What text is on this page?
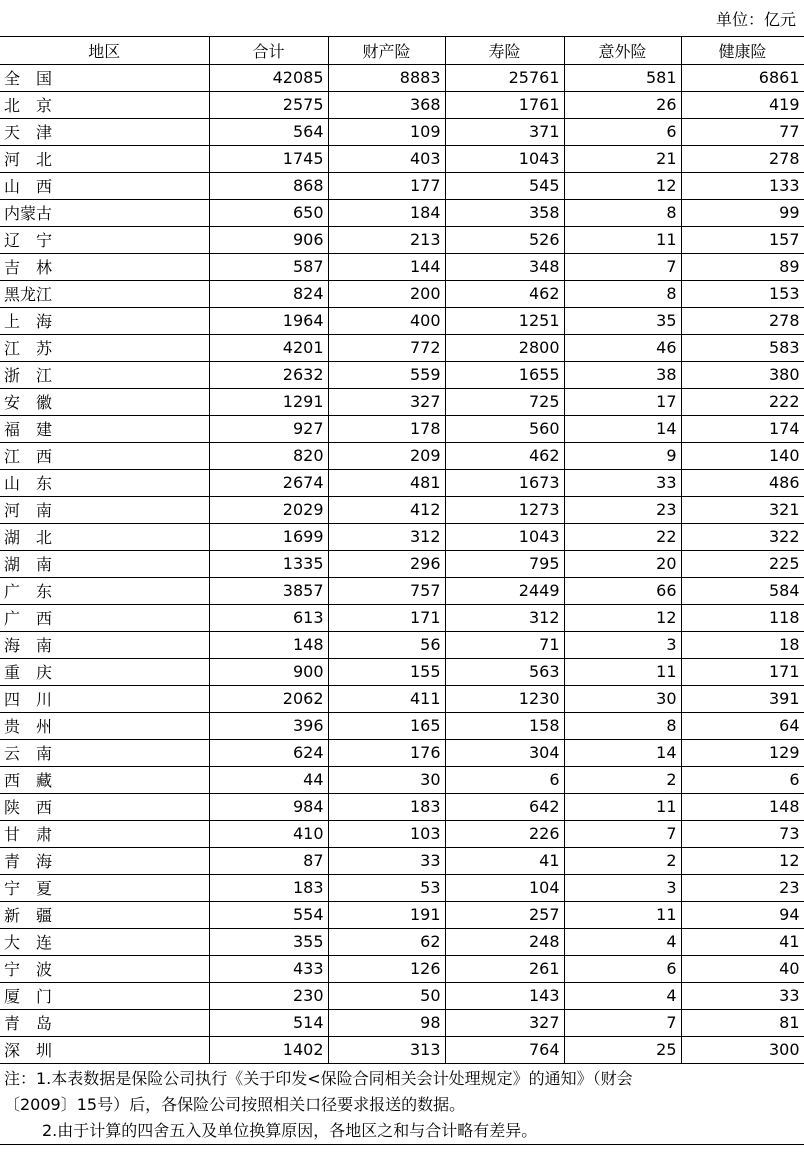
单位：亿元
地区	合计	财产险	寿险	意外险	健康险
全　国	42085	8883	25761	581	6861
北　京	2575	368	1761	26	419
天　津	564	109	371	6	77
河　北	1745	403	1043	21	278
山　西	868	177	545	12	133
内蒙古	650	184	358	8	99
辽　宁	906	213	526	11	157
吉　林	587	144	348	7	89
黑龙江	824	200	462	8	153
上　海	1964	400	1251	35	278
江　苏	4201	772	2800	46	583
浙　江	2632	559	1655	38	380
安　徽	1291	327	725	17	222
福　建	927	178	560	14	174
江　西	820	209	462	9	140
山　东	2674	481	1673	33	486
河　南	2029	412	1273	23	321
湖　北	1699	312	1043	22	322
湖　南	1335	296	795	20	225
广　东	3857	757	2449	66	584
广　西	613	171	312	12	118
海　南	148	56	71	3	18
重　庆	900	155	563	11	171
四　川	2062	411	1230	30	391
贵　州	396	165	158	8	64
云　南	624	176	304	14	129
西　藏	44	30	6	2	6
陕　西	984	183	642	11	148
甘　肃	410	103	226	7	73
青　海	87	33	41	2	12
宁　夏	183	53	104	3	23
新　疆	554	191	257	11	94
大　连	355	62	248	4	41
宁　波	433	126	261	6	40
厦　门	230	50	143	4	33
青　岛	514	98	327	7	81
深　圳	1402	313	764	25	300

注：1.本表数据是保险公司执行《关于印发<保险合同相关会计处理规定》的通知》（财会
〔2009〕15号）后，各保险公司按照相关口径要求报送的数据。
2.由于计算的四舍五入及单位换算原因，各地区之和与合计略有差异。					
